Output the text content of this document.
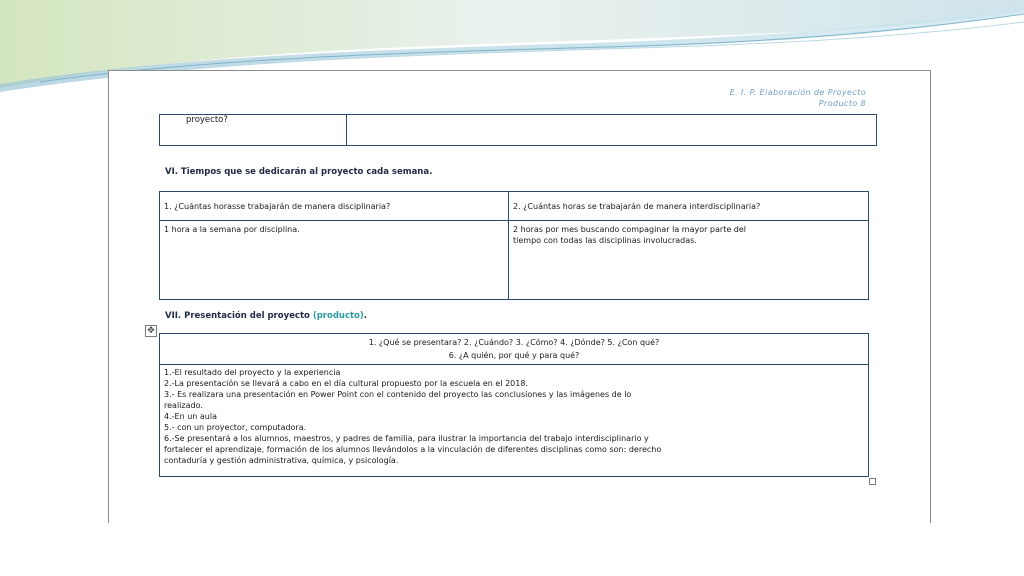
E. I. P. Elaboración de Proyecto
Producto 8
proyecto?	
VI. Tiempos que se dedicarán al proyecto cada semana.
1. ¿Cuántas horasse trabajarán de manera disciplinaria?	2. ¿Cuántas horas se trabajarán de manera interdisciplinaria?
1 hora a la semana por disciplina.	2 horas por mes buscando compaginar la mayor parte del
tiempo con todas las disciplinas involucradas.
VII. Presentación del proyecto (producto).
✥
1. ¿Qué se presentara? 2. ¿Cuándo? 3. ¿Cómo? 4. ¿Dónde? 5. ¿Con qué?
6. ¿A quién, por qué y para qué?

1.-El resultado del proyecto y la experiencia
2.-La presentación se llevará a cabo en el día cultural propuesto por la escuela en el 2018.
3.- Es realizara una presentación en Power Point con el contenido del proyecto las conclusiones y las imágenes de lo
realizado.
4.-En un aula
5.- con un proyector, computadora.
6.-Se presentará a los alumnos, maestros, y padres de familia, para ilustrar la importancia del trabajo interdisciplinario y
fortalecer el aprendizaje, formación de los alumnos llevándolos a la vinculación de diferentes disciplinas como son: derecho
contaduría y gestión administrativa, química, y psicología.
